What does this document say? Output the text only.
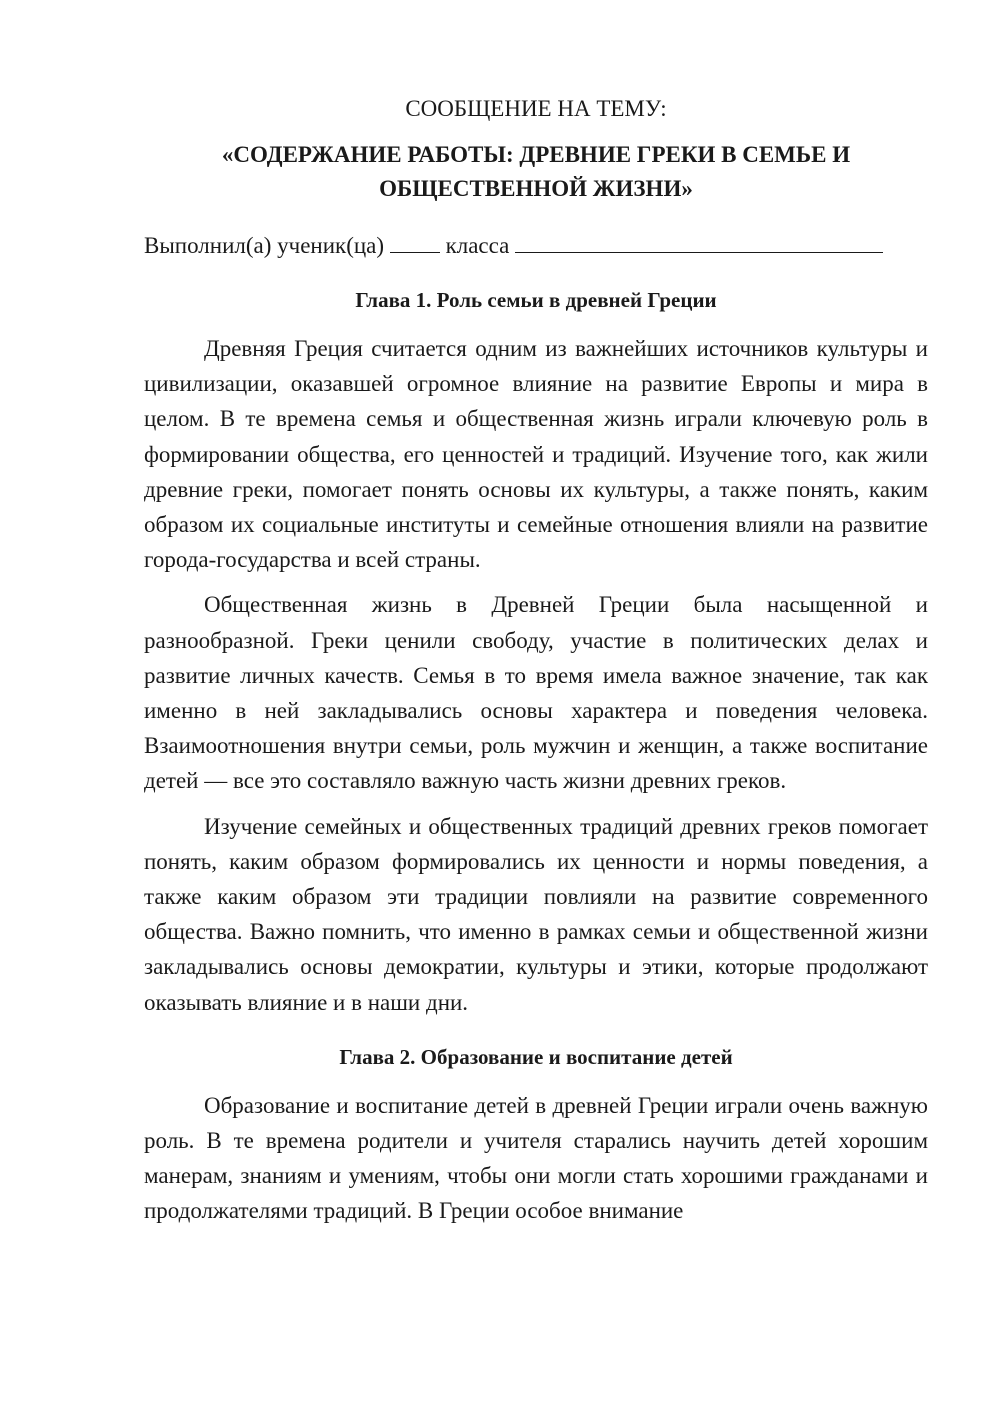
СООБЩЕНИЕ НА ТЕМУ:

«СОДЕРЖАНИЕ РАБОТЫ: ДРЕВНИЕ ГРЕКИ В СЕМЬЕ И
ОБЩЕСТВЕННОЙ ЖИЗНИ»

Выполнил(а) ученик(ца)	класса

Глава 1. Роль семьи в древней Греции

Древняя Греция считается одним из важнейших источников культуры и цивилизации, оказавшей огромное влияние на развитие Европы и мира в целом. В те времена семья и общественная жизнь играли ключевую роль в формировании общества, его ценностей и традиций. Изучение того, как жили древние греки, помогает понять основы их культуры, а также понять, каким образом их социальные институты и семейные отношения влияли на развитие города-государства и всей страны.

Общественная жизнь в Древней Греции была насыщенной и разнообразной. Греки ценили свободу, участие в политических делах и развитие личных качеств. Семья в то время имела важное значение, так как именно в ней закладывались основы характера и поведения человека. Взаимоотношения внутри семьи, роль мужчин и женщин, а также воспитание детей — все это составляло важную часть жизни древних греков.

Изучение семейных и общественных традиций древних греков помогает понять, каким образом формировались их ценности и нормы поведения, а также каким образом эти традиции повлияли на развитие современного общества. Важно помнить, что именно в рамках семьи и общественной жизни закладывались основы демократии, культуры и этики, которые продолжают оказывать влияние и в наши дни.

Глава 2. Образование и воспитание детей

Образование и воспитание детей в древней Греции играли очень важную роль. В те времена родители и учителя старались научить детей хорошим манерам, знаниям и умениям, чтобы они могли стать хорошими гражданами и продолжателями традиций. В Греции особое внимание
